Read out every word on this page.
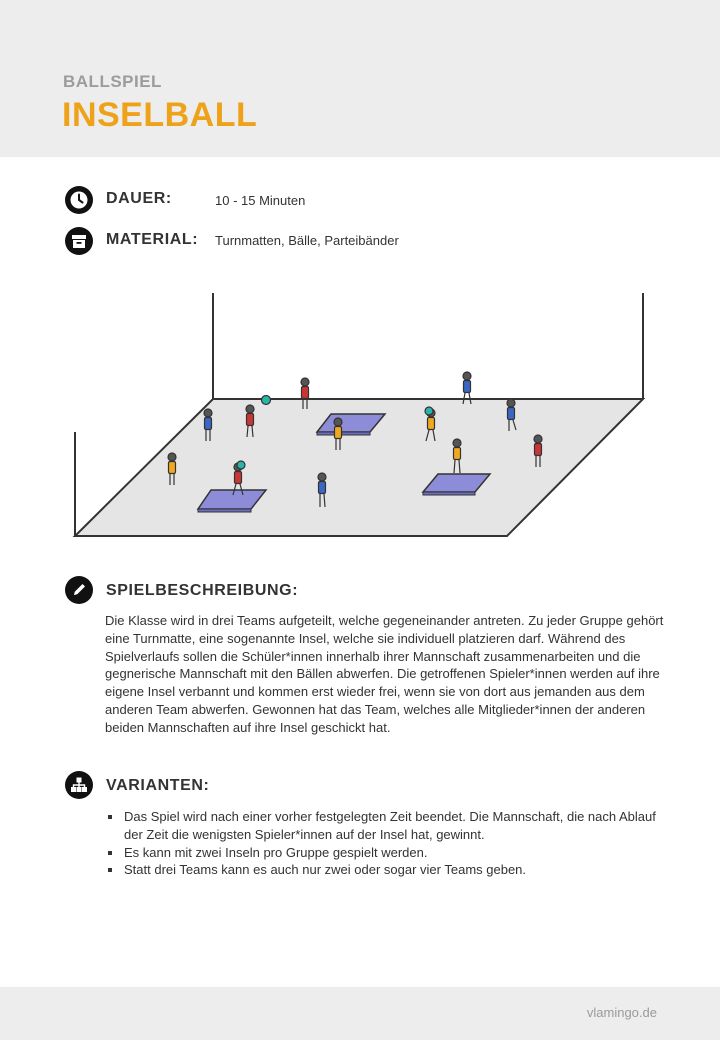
BALLSPIEL
INSELBALL
DAUER:	10 - 15 Minuten
MATERIAL: Turnmatten, Bälle, Parteibänder
SPIELBESCHREIBUNG:

Die Klasse wird in drei Teams aufgeteilt, welche gegeneinander antreten. Zu jeder Gruppe gehört eine Turnmatte, eine sogenannte Insel, welche sie individuell platzieren darf. Während des Spielverlaufs sollen die Schüler*innen innerhalb ihrer Mannschaft zusammenarbeiten und die gegnerische Mannschaft mit den Bällen abwerfen. Die getroffenen Spieler*innen werden auf ihre eigene Insel verbannt und kommen erst wieder frei, wenn sie von dort aus jemanden aus dem anderen Team abwerfen. Gewonnen hat das Team, welches alle Mitglieder*innen der anderen beiden Mannschaften auf ihre Insel geschickt hat.

VARIANTEN:
Das Spiel wird nach einer vorher festgelegten Zeit beendet. Die Mannschaft, die nach Ablauf der Zeit die wenigsten Spieler*innen auf der Insel hat, gewinnt.
Es kann mit zwei Inseln pro Gruppe gespielt werden.
Statt drei Teams kann es auch nur zwei oder sogar vier Teams geben.
vlamingo.de
